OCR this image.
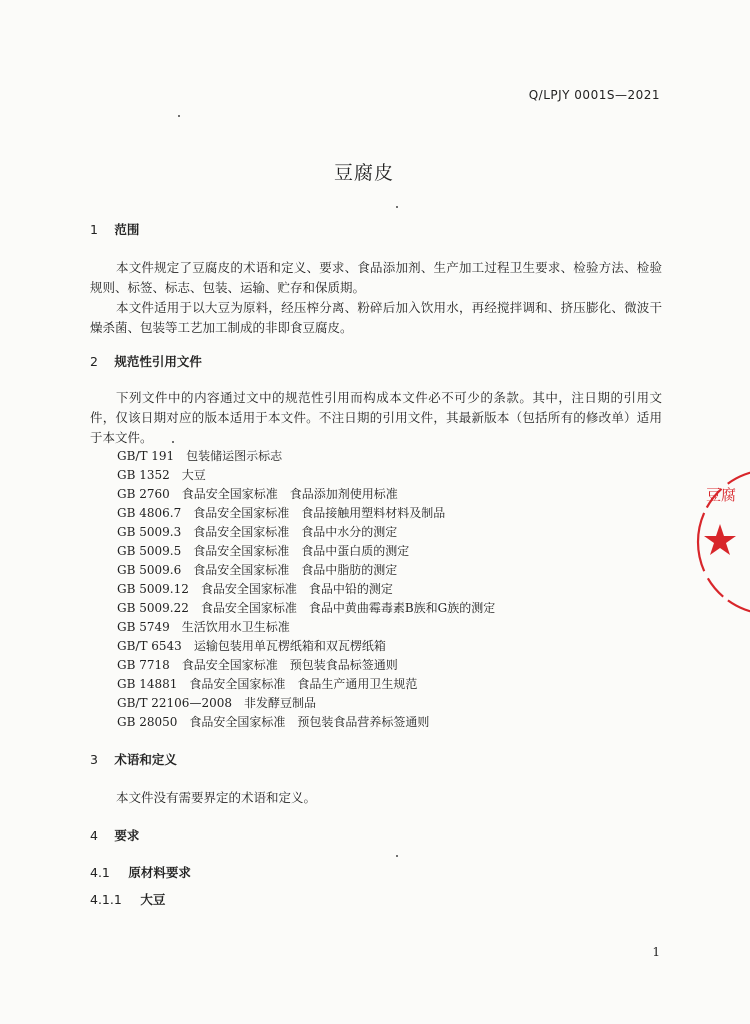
Q/LPJY 0001S—2021
豆腐皮
1 范围
本文件规定了豆腐皮的术语和定义、要求、食品添加剂、生产加工过程卫生要求、检验方法、检验规则、标签、标志、包装、运输、贮存和保质期。
本文件适用于以大豆为原料，经压榨分离、粉碎后加入饮用水，再经搅拌调和、挤压膨化、微波干燥杀菌、包装等工艺加工制成的非即食豆腐皮。
2 规范性引用文件
下列文件中的内容通过文中的规范性引用而构成本文件必不可少的条款。其中，注日期的引用文件，仅该日期对应的版本适用于本文件。不注日期的引用文件，其最新版本（包括所有的修改单）适用于本文件。
GB/T 191 包装储运图示标志
GB 1352 大豆
GB 2760 食品安全国家标准　食品添加剂使用标准
GB 4806.7 食品安全国家标准　食品接触用塑料材料及制品
GB 5009.3 食品安全国家标准　食品中水分的测定
GB 5009.5 食品安全国家标准　食品中蛋白质的测定
GB 5009.6 食品安全国家标准　食品中脂肪的测定
GB 5009.12 食品安全国家标准　食品中铅的测定
GB 5009.22 食品安全国家标准　食品中黄曲霉毒素B族和G族的测定
GB 5749 生活饮用水卫生标准
GB/T 6543 运输包装用单瓦楞纸箱和双瓦楞纸箱
GB 7718 食品安全国家标准　预包装食品标签通则
GB 14881 食品安全国家标准　食品生产通用卫生规范
GB/T 22106—2008 非发酵豆制品
GB 28050 食品安全国家标准　预包装食品营养标签通则
3 术语和定义
本文件没有需要界定的术语和定义。
4 要求
4.1 原材料要求
4.1.1 大豆
1
豆腐
